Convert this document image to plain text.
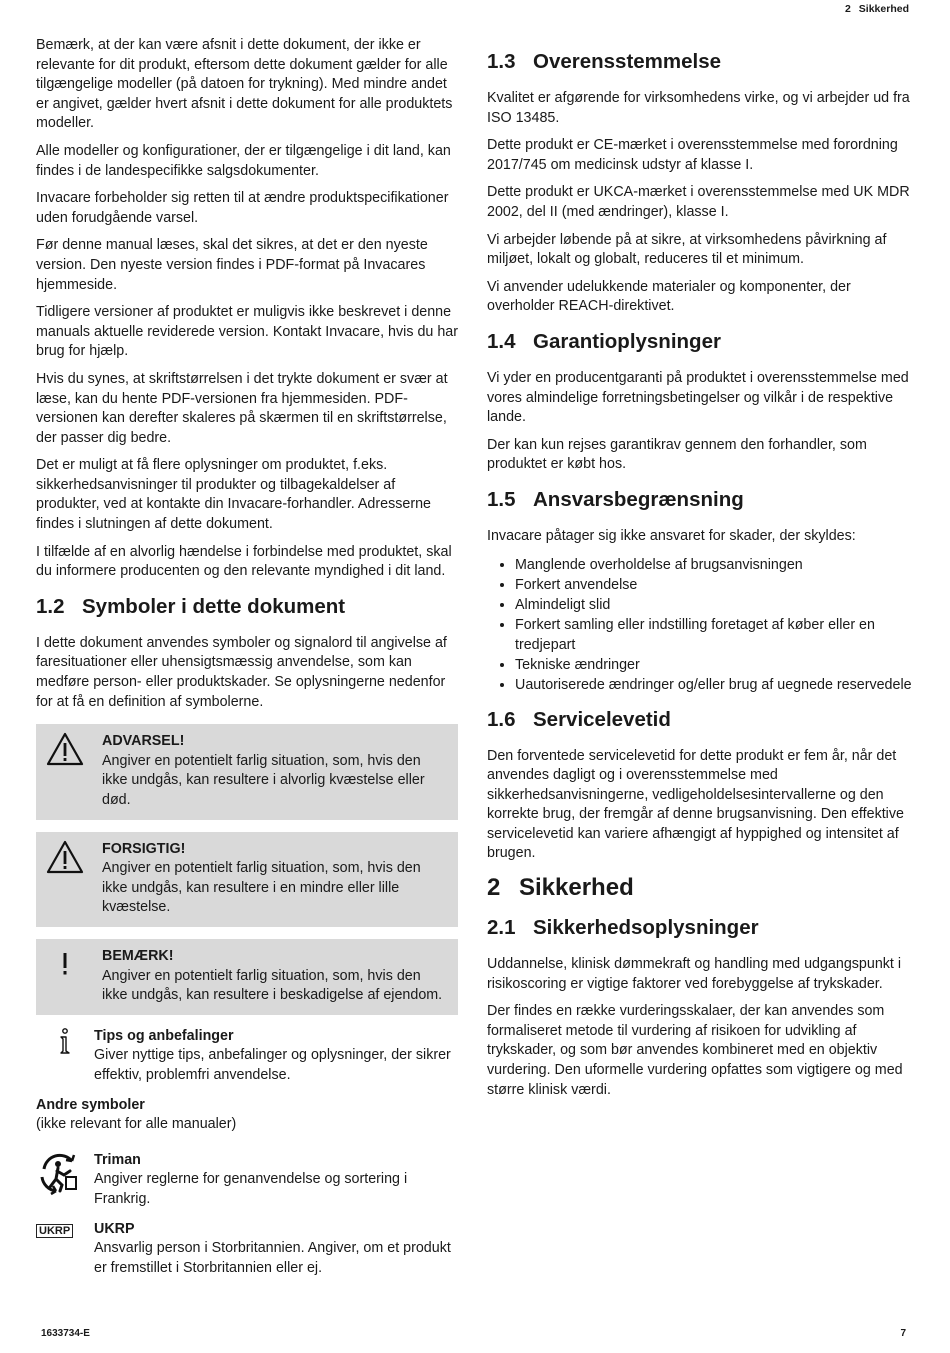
2 Sikkerhed

Bemærk, at der kan være afsnit i dette dokument, der ikke er relevante for dit produkt, eftersom dette dokument gælder for alle tilgængelige modeller (på datoen for trykning). Med mindre andet er angivet, gælder hvert afsnit i dette dokument for alle produktets modeller.

Alle modeller og konfigurationer, der er tilgængelige i dit land, kan findes i de landespecifikke salgsdokumenter.

Invacare forbeholder sig retten til at ændre produktspecifikationer uden forudgående varsel.

Før denne manual læses, skal det sikres, at det er den nyeste version. Den nyeste version findes i PDF-format på Invacares hjemmeside.

Tidligere versioner af produktet er muligvis ikke beskrevet i denne manuals aktuelle reviderede version. Kontakt Invacare, hvis du har brug for hjælp.

Hvis du synes, at skriftstørrelsen i det trykte dokument er svær at læse, kan du hente PDF-versionen fra hjemmesiden. PDF-versionen kan derefter skaleres på skærmen til en skriftstørrelse, der passer dig bedre.

Det er muligt at få flere oplysninger om produktet, f.eks. sikkerhedsanvisninger til produkter og tilbagekaldelser af produkter, ved at kontakte din Invacare-forhandler. Adresserne findes i slutningen af dette dokument.

I tilfælde af en alvorlig hændelse i forbindelse med produktet, skal du informere producenten og den relevante myndighed i dit land.

1.2 Symboler i dette dokument

I dette dokument anvendes symboler og signalord til angivelse af faresituationer eller uhensigtsmæssig anvendelse, som kan medføre person- eller produktskader. Se oplysningerne nedenfor for at få en definition af symbolerne.

ADVARSEL!
Angiver en potentielt farlig situation, som, hvis den ikke undgås, kan resultere i alvorlig kvæstelse eller død.
FORSIGTIG!
Angiver en potentielt farlig situation, som, hvis den ikke undgås, kan resultere i en mindre eller lille kvæstelse.
BEMÆRK!
Angiver en potentielt farlig situation, som, hvis den ikke undgås, kan resultere i beskadigelse af ejendom.
Tips og anbefalinger
Giver nyttige tips, anbefalinger og oplysninger, der sikrer effektiv, problemfri anvendelse.
Andre symboler
(ikke relevant for alle manualer)
Triman
Angiver reglerne for genanvendelse og sortering i Frankrig.
UKRP	UKRP
Ansvarlig person i Storbritannien. Angiver, om et produkt er fremstillet i Storbritannien eller ej.
1.3 Overensstemmelse

Kvalitet er afgørende for virksomhedens virke, og vi arbejder ud fra ISO 13485.

Dette produkt er CE-mærket i overensstemmelse med forordning 2017/745 om medicinsk udstyr af klasse I.

Dette produkt er UKCA-mærket i overensstemmelse med UK MDR 2002, del II (med ændringer), klasse I.

Vi arbejder løbende på at sikre, at virksomhedens påvirkning af miljøet, lokalt og globalt, reduceres til et minimum.

Vi anvender udelukkende materialer og komponenter, der overholder REACH-direktivet.

1.4 Garantioplysninger

Vi yder en producentgaranti på produktet i overensstemmelse med vores almindelige forretningsbetingelser og vilkår i de respektive lande.

Der kan kun rejses garantikrav gennem den forhandler, som produktet er købt hos.

1.5 Ansvarsbegrænsning

Invacare påtager sig ikke ansvaret for skader, der skyldes:

• Manglende overholdelse af brugsanvisningen
• Forkert anvendelse
• Almindeligt slid
• Forkert samling eller indstilling foretaget af køber eller en tredjepart
• Tekniske ændringer
• Uautoriserede ændringer og/eller brug af uegnede reservedele
1.6 Servicelevetid

Den forventede servicelevetid for dette produkt er fem år, når det anvendes dagligt og i overensstemmelse med sikkerhedsanvisningerne, vedligeholdelsesintervallerne og den korrekte brug, der fremgår af denne brugsanvisning. Den effektive servicelevetid kan variere afhængigt af hyppighed og intensitet af brugen.

2 Sikkerhed
2.1 Sikkerhedsoplysninger

Uddannelse, klinisk dømmekraft og handling med udgangspunkt i risikoscoring er vigtige faktorer ved forebyggelse af trykskader.

Der findes en række vurderingsskalaer, der kan anvendes som formaliseret metode til vurdering af risikoen for udvikling af trykskader, og som bør anvendes kombineret med en objektiv vurdering. Den uformelle vurdering opfattes som vigtigere og med større klinisk værdi.

1633734-E	7
